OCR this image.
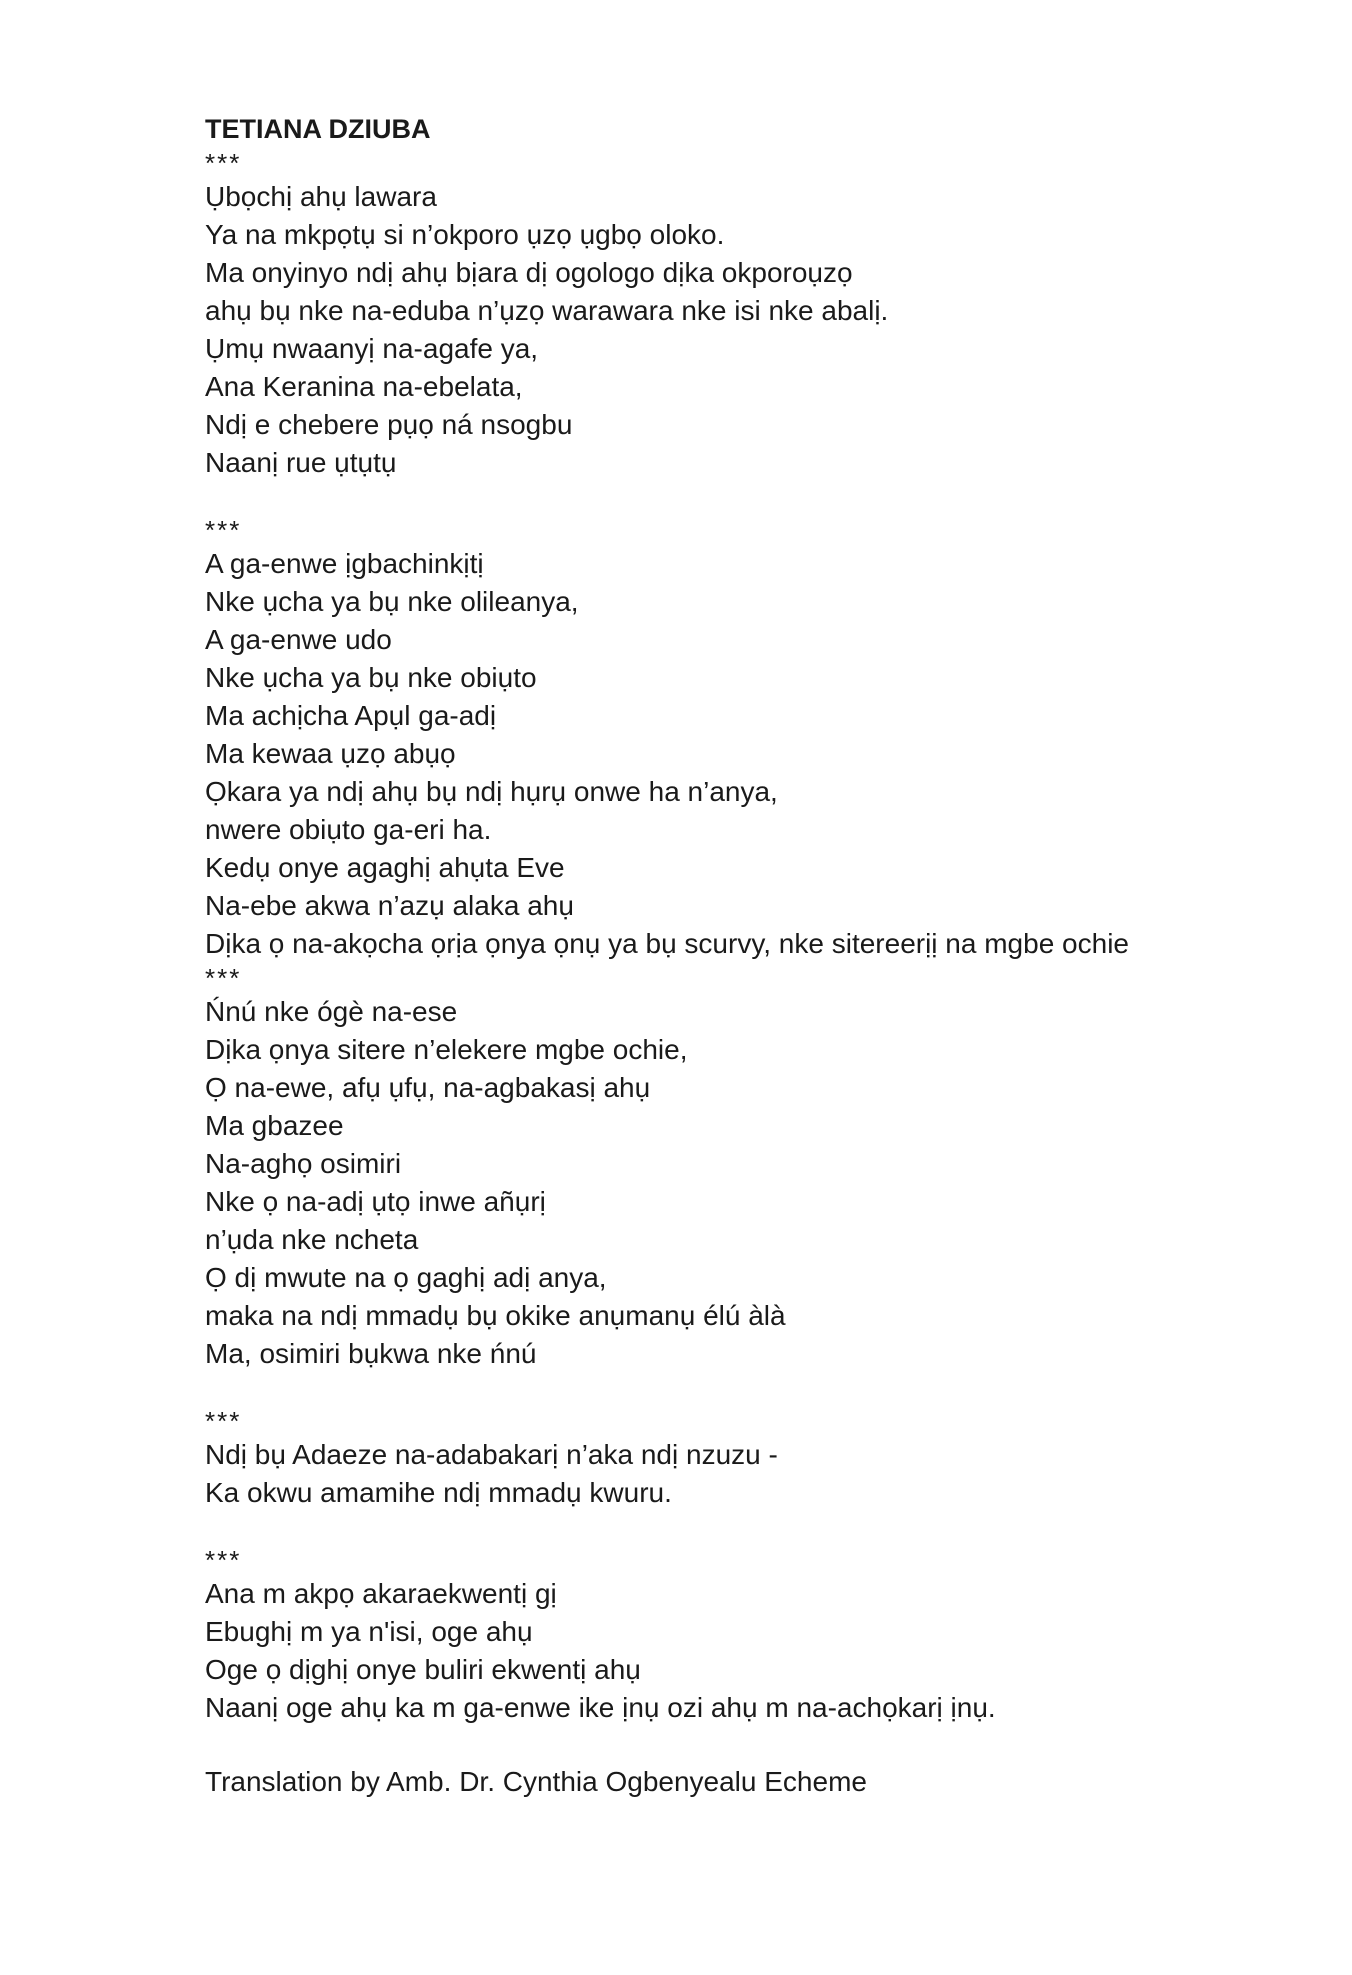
TETIANA DZIUBA
***
Ụbọchị ahụ lawara
Ya na mkpọtụ si n’okporo ụzọ ụgbọ oloko.
Ma onyinyo ndị ahụ bịara dị ogologo dịka okporoụzọ
ahụ bụ nke na-eduba n’ụzọ warawara nke isi nke abalị.
Ụmụ nwaanyị na-agafe ya,
Ana Keranina na-ebelata,
Ndị e chebere pụọ ná nsogbu
Naanị rue ụtụtụ
***
A ga-enwe ịgbachinkịtị
Nke ụcha ya bụ nke olileanya,
A ga-enwe udo
Nke ụcha ya bụ nke obiụto
Ma achịcha Apụl ga-adị
Ma kewaa ụzọ abụọ
Ọkara ya ndị ahụ bụ ndị hụrụ onwe ha n’anya,
nwere obiụto ga-eri ha.
Kedụ onye agaghị ahụta Eve
Na-ebe akwa n’azụ alaka ahụ
Dịka ọ na-akọcha ọrịa ọnya ọnụ ya bụ scurvy, nke sitereerịị na mgbe ochie
***
Ńnú nke ógè na-ese
Dịka ọnya sitere n’elekere mgbe ochie,
Ọ na-ewe, afụ ụfụ, na-agbakasị ahụ
Ma gbazee
Na-aghọ osimiri
Nke ọ na-adị ụtọ inwe añụrị
n’ụda nke ncheta
Ọ dị mwute na ọ gaghị adị anya,
maka na ndị mmadụ bụ okike anụmanụ élú àlà
Ma, osimiri bụkwa nke ńnú
***
Ndị bụ Adaeze na-adabakarị n’aka ndị nzuzu -
Ka okwu amamihe ndị mmadụ kwuru.
***
Ana m akpọ akaraekwentị gị
Ebughị m ya n'isi, oge ahụ
Oge ọ dịghị onye buliri ekwentị ahụ
Naanị oge ahụ ka m ga-enwe ike ịnụ ozi ahụ m na-achọkarị ịnụ.
Translation by Amb. Dr. Cynthia Ogbenyealu Echeme
